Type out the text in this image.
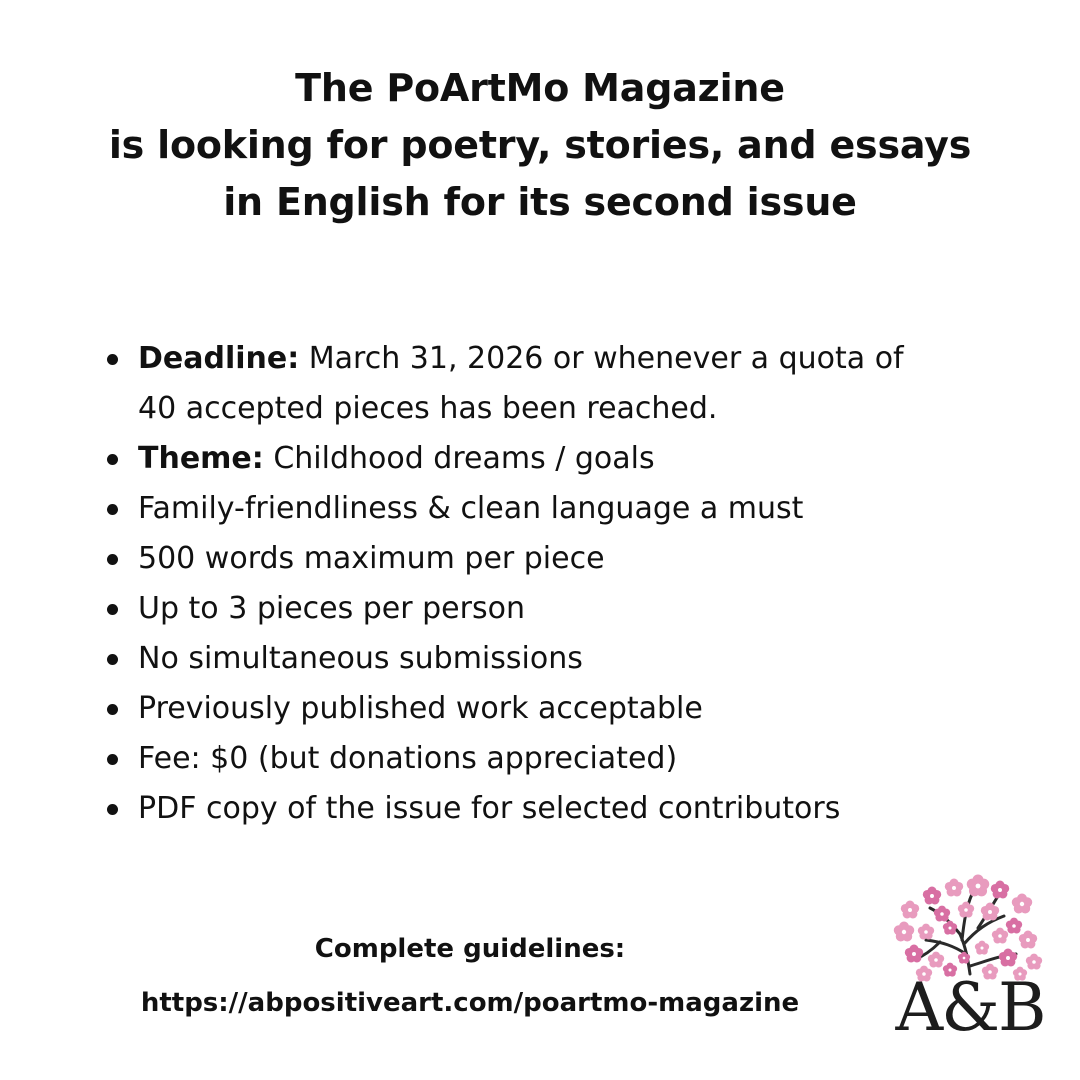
The PoArtMo Magazine
is looking for poetry, stories, and essays
in English for its second issue
Deadline: March 31, 2026 or whenever a quota of
40 accepted pieces has been reached.
Theme: Childhood dreams / goals
Family-friendliness & clean language a must
500 words maximum per piece
Up to 3 pieces per person
No simultaneous submissions
Previously published work acceptable
Fee: $0 (but donations appreciated)
PDF copy of the issue for selected contributors
Complete guidelines:
https://abpositiveart.com/poartmo-magazine	A&B
